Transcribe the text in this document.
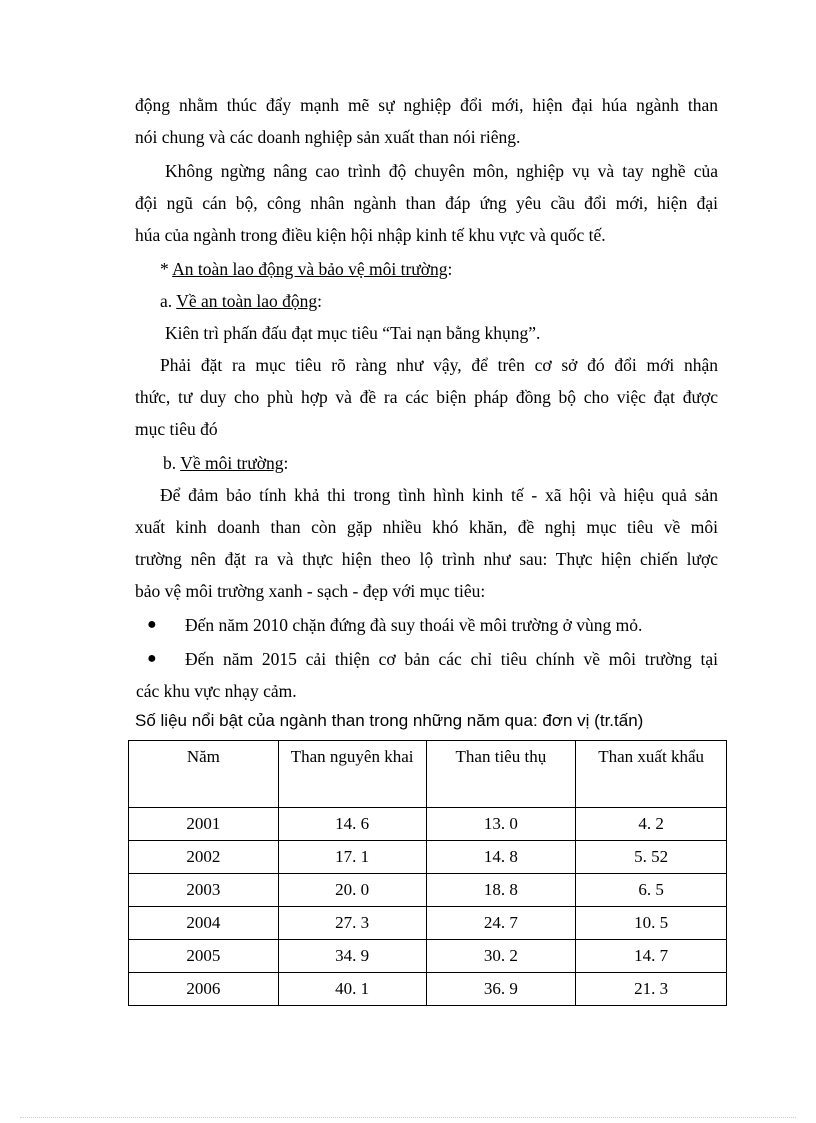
động nhằm thúc đẩy mạnh mẽ sự nghiệp đổi mới, hiện đại húa ngành than
nói chung và các doanh nghiệp sản xuất than nói riêng.
Không ngừng nâng cao trình độ chuyên môn, nghiệp vụ và tay nghề của
đội ngũ cán bộ, công nhân ngành than đáp ứng yêu cầu đổi mới, hiện đại
húa của ngành trong điều kiện hội nhập kinh tế khu vực và quốc tế.
* An toàn lao động và bảo vệ môi trường:
a. Về an toàn lao động:
Kiên trì phấn đấu đạt mục tiêu “Tai nạn bằng khụng”.
Phải đặt ra mục tiêu rõ ràng như vậy, để trên cơ sở đó đổi mới nhận
thức, tư duy cho phù hợp và đề ra các biện pháp đồng bộ cho việc đạt được
mục tiêu đó
b. Về môi trường:
Để đảm bảo tính khả thi trong tình hình kinh tế - xã hội và hiệu quả sản
xuất kinh doanh than còn gặp nhiều khó khăn, đề nghị mục tiêu về môi
trường nên đặt ra và thực hiện theo lộ trình như sau: Thực hiện chiến lược
bảo vệ môi trường xanh - sạch - đẹp với mục tiêu:
● Đến năm 2010 chặn đứng đà suy thoái về môi trường ở vùng mỏ.
● Đến năm 2015 cải thiện cơ bản các chỉ tiêu chính về môi trường tại
các khu vực nhạy cảm.
Số liệu nổi bật của ngành than trong những năm qua: đơn vị (tr.tấn)
Năm	Than nguyên khai	Than tiêu thụ	Than xuất khẩu
2001	14. 6	13. 0	4. 2
2002	17. 1	14. 8	5. 52
2003	20. 0	18. 8	6. 5
2004	27. 3	24. 7	10. 5
2005	34. 9	30. 2	14. 7
2006	40. 1	36. 9	21. 3
